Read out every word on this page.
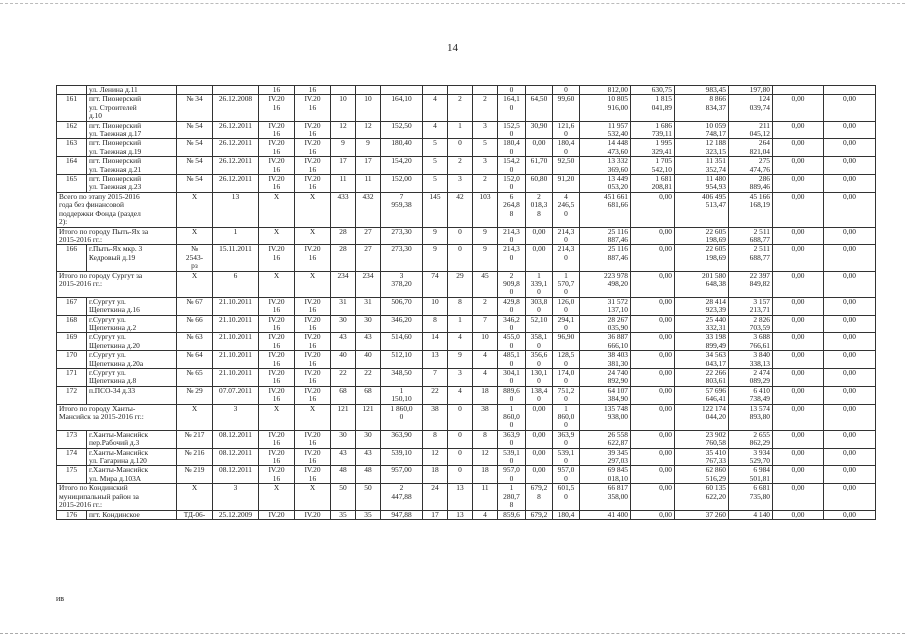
14
	ул. Ленина д.11			16	16							0		0	812,00	630,75	983,45	197,80		
161	пгт. Пионерский
ул. Строителей
д.10	№ 34	26.12.2008	IV.20
16	IV.20
16	10	10	164,10	4	2	2	164,1
0	64,50	99,60	10 805
916,00	1 815
041,89	8 866
834,37	124
039,74	0,00	0,00
162	пгт. Пионерский
ул. Таежная д.17	№ 54	26.12.2011	IV.20
16	IV.20
16	12	12	152,50	4	1	3	152,5
0	30,90	121,6
0	11 957
532,40	1 686
739,11	10 059
748,17	211
045,12	0,00	0,00
163	пгт. Пионерский
ул. Таежная д.19	№ 54	26.12.2011	IV.20
16	IV.20
16	9	9	180,40	5	0	5	180,4
0	0,00	180,4
0	14 448
473,60	1 995
329,41	12 188
323,15	264
821,04	0,00	0,00
164	пгт. Пионерский
ул. Таежная д.21	№ 54	26.12.2011	IV.20
16	IV.20
16	17	17	154,20	5	2	3	154,2
0	61,70	92,50	13 332
369,60	1 705
542,10	11 351
352,74	275
474,76	0,00	0,00
165	пгт. Пионерский
ул. Таежная д.23	№ 54	26.12.2011	IV.20
16	IV.20
16	11	11	152,00	5	3	2	152,0
0	60,80	91,20	13 449
053,20	1 681
208,81	11 480
954,93	286
889,46	0,00	0,00
Всего по этапу 2015-2016
года без финансовой
поддержки Фонда (раздел
2):		Х	13	Х	Х	433	432	7
959,38	145	42	103	6
264,8
8	2
018,3
8	4
246,5
0	451 661
681,66	0,00	406 495
513,47	45 166
168,19	0,00	0,00
Итого по городу Пыть-Ях за
2015-2016 гг.:		Х	1	Х	Х	28	27	273,30	9	0	9	214,3
0	0,00	214,3
0	25 116
887,46	0,00	22 605
198,69	2 511
688,77	0,00	0,00
166	г.Пыть-Ях мкр. 3
Кедровый д.19	№
2543-
рз	15.11.2011	IV.20
16	IV.20
16	28	27	273,30	9	0	9	214,3
0	0,00	214,3
0	25 116
887,46	0,00	22 605
198,69	2 511
688,77	0,00	0,00
Итого по городу Сургут за
2015-2016 гг.:		Х	6	Х	Х	234	234	3
378,20	74	29	45	2
909,8
0	1
339,1
0	1
570,7
0	223 978
498,20	0,00	201 580
648,38	22 397
849,82	0,00	0,00
167	г.Сургут ул.
Щепеткина д.16	№ 67	21.10.2011	IV.20
16	IV.20
16	31	31	506,70	10	8	2	429,8
0	303,8
0	126,0
0	31 572
137,10	0,00	28 414
923,39	3 157
213,71	0,00	0,00
168	г.Сургут ул.
Щепеткина д.2	№ 66	21.10.2011	IV.20
16	IV.20
16	30	30	346,20	8	1	7	346,2
0	52,10	294,1
0	28 267
035,90	0,00	25 440
332,31	2 826
703,59	0,00	0,00
169	г.Сургут ул.
Щепеткина д.20	№ 63	21.10.2011	IV.20
16	IV.20
16	43	43	514,60	14	4	10	455,0
0	358,1
0	96,90	36 887
666,10	0,00	33 198
899,49	3 688
766,61	0,00	0,00
170	г.Сургут ул.
Щепеткина д.20а	№ 64	21.10.2011	IV.20
16	IV.20
16	40	40	512,10	13	9	4	485,1
0	356,6
0	128,5
0	38 403
381,30	0,00	34 563
043,17	3 840
338,13	0,00	0,00
171	г.Сургут ул.
Щепеткина д.8	№ 65	21.10.2011	IV.20
16	IV.20
16	22	22	348,50	7	3	4	304,1
0	130,1
0	174,0
0	24 740
892,90	0,00	22 266
803,61	2 474
089,29	0,00	0,00
172	п.ПСО-34 д.33	№ 29	07.07.2011	IV.20
16	IV.20
16	68	68	1
150,10	22	4	18	889,6
0	138,4
0	751,2
0	64 107
384,90	0,00	57 696
646,41	6 410
738,49	0,00	0,00
Итого по городу Ханты-
Мансийск за 2015-2016 гг.:		Х	3	Х	Х	121	121	1 860,0
0	38	0	38	1
860,0
0	0,00	1
860,0
0	135 748
938,00	0,00	122 174
044,20	13 574
893,80	0,00	0,00
173	г.Ханты-Мансийск
пер.Рабочий д.3	№ 217	08.12.2011	IV.20
16	IV.20
16	30	30	363,90	8	0	8	363,9
0	0,00	363,9
0	26 558
622,87	0,00	23 902
760,58	2 655
862,29	0,00	0,00
174	г.Ханты-Мансийск
ул. Гагарина д.120	№ 216	08.12.2011	IV.20
16	IV.20
16	43	43	539,10	12	0	12	539,1
0	0,00	539,1
0	39 345
297,03	0,00	35 410
767,33	3 934
529,70	0,00	0,00
175	г.Ханты-Мансийск
ул. Мира д.103А	№ 219	08.12.2011	IV.20
16	IV.20
16	48	48	957,00	18	0	18	957,0
0	0,00	957,0
0	69 845
018,10	0,00	62 860
516,29	6 984
501,81	0,00	0,00
Итого по Кондинский
муниципальный район за
2015-2016 гг.:		Х	3	Х	Х	50	50	2
447,88	24	13	11	1
280,7
8	679,2
8	601,5
0	66 817
358,00	0,00	60 135
622,20	6 681
735,80	0,00	0,00
176	пгт. Кондинское	ТД-06-	25.12.2009	IV.20	IV.20	35	35	947,88	17	13	4	859,6	679,2	180,4	41 400	0,00	37 260	4 140	0,00	0,00
ив
